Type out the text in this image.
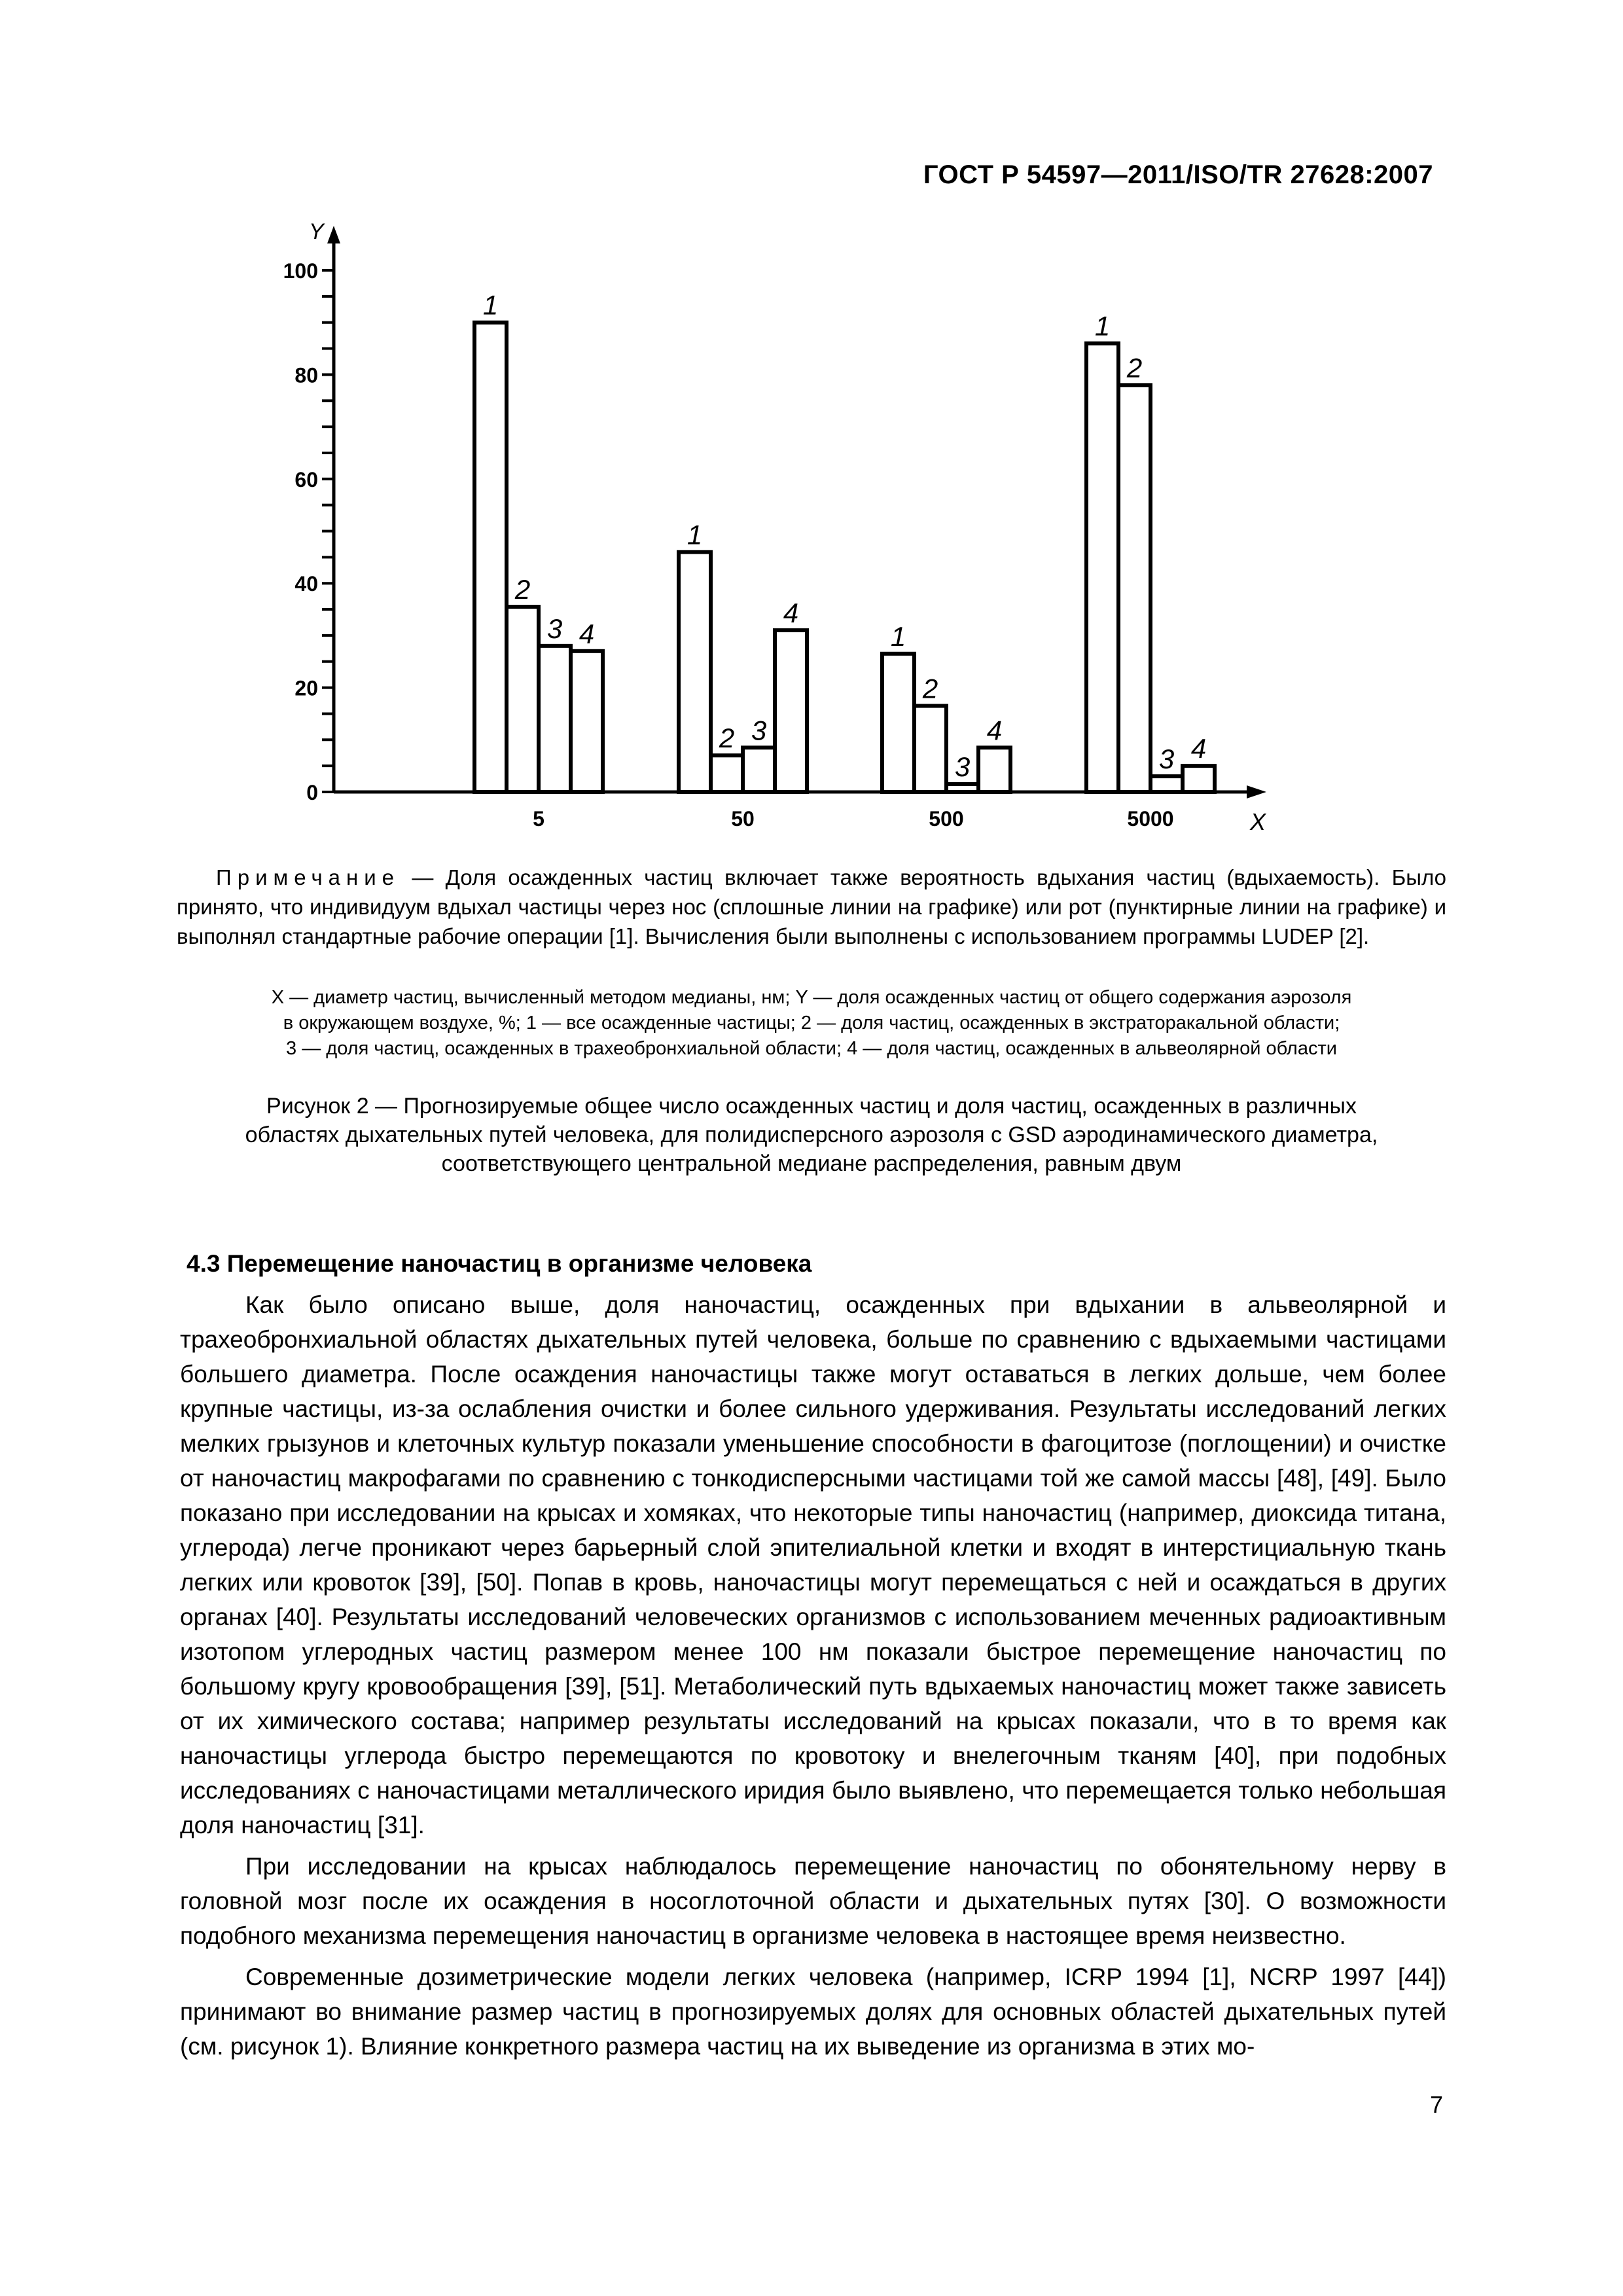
ГОСТ Р 54597—2011/ISO/TR 27628:2007
0
20
40
60
80
100
1
2
3 4
1
2 3
4
1
2
3
4
1
2
3 4
5	50	500	5000
Y
X
Примечание — Доля осажденных частиц включает также вероятность вдыхания частиц (вдыхаемость). Было принято, что индивидуум вдыхал частицы через нос (сплошные линии на графике) или рот (пунктирные линии на графике) и выполнял стандартные рабочие операции [1]. Вычисления были выполнены с использованием программы LUDEP [2].
X — диаметр частиц, вычисленный методом медианы, нм; Y — доля осажденных частиц от общего содержания аэрозоля
в окружающем воздухе, %; 1 — все осажденные частицы; 2 — доля частиц, осажденных в экстраторакальной области;
3 — доля частиц, осажденных в трахеобронхиальной области; 4 — доля частиц, осажденных в альвеолярной области
Рисунок 2 — Прогнозируемые общее число осажденных частиц и доля частиц, осажденных в различных
областях дыхательных путей человека, для полидисперсного аэрозоля с GSD аэродинамического диаметра,
соответствующего центральной медиане распределения, равным двум
4.3 Перемещение наночастиц в организме человека

Как было описано выше, доля наночастиц, осажденных при вдыхании в альвеолярной и трахеобронхиальной областях дыхательных путей человека, больше по сравнению с вдыхаемыми частицами большего диаметра. После осаждения наночастицы также могут оставаться в легких дольше, чем более крупные частицы, из-за ослабления очистки и более сильного удерживания. Результаты исследований легких мелких грызунов и клеточных культур показали уменьшение способности в фагоцитозе (поглощении) и очистке от наночастиц макрофагами по сравнению с тонкодисперсными частицами той же самой массы [48], [49]. Было показано при исследовании на крысах и хомяках, что некоторые типы наночастиц (например, диоксида титана, углерода) легче проникают через барьерный слой эпителиальной клетки и входят в интерстициальную ткань легких или кровоток [39], [50]. Попав в кровь, наночастицы могут перемещаться с ней и осаждаться в других органах [40]. Результаты исследований человеческих организмов с использованием меченных радиоактивным изотопом углеродных частиц размером менее 100 нм показали быстрое перемещение наночастиц по большому кругу кровообращения [39], [51]. Метаболический путь вдыхаемых наночастиц может также зависеть от их химического состава; например результаты исследований на крысах показали, что в то время как наночастицы углерода быстро перемещаются по кровотоку и внелегочным тканям [40], при подобных исследованиях с наночастицами металлического иридия было выявлено, что перемещается только небольшая доля наночастиц [31].

При исследовании на крысах наблюдалось перемещение наночастиц по обонятельному нерву в головной мозг после их осаждения в носоглоточной области и дыхательных путях [30]. О возможности подобного механизма перемещения наночастиц в организме человека в настоящее время неизвестно.

Современные дозиметрические модели легких человека (например, ICRP 1994 [1], NCRP 1997 [44]) принимают во внимание размер частиц в прогнозируемых долях для основных областей дыхательных путей (см. рисунок 1). Влияние конкретного размера частиц на их выведение из организма в этих мо-

7
